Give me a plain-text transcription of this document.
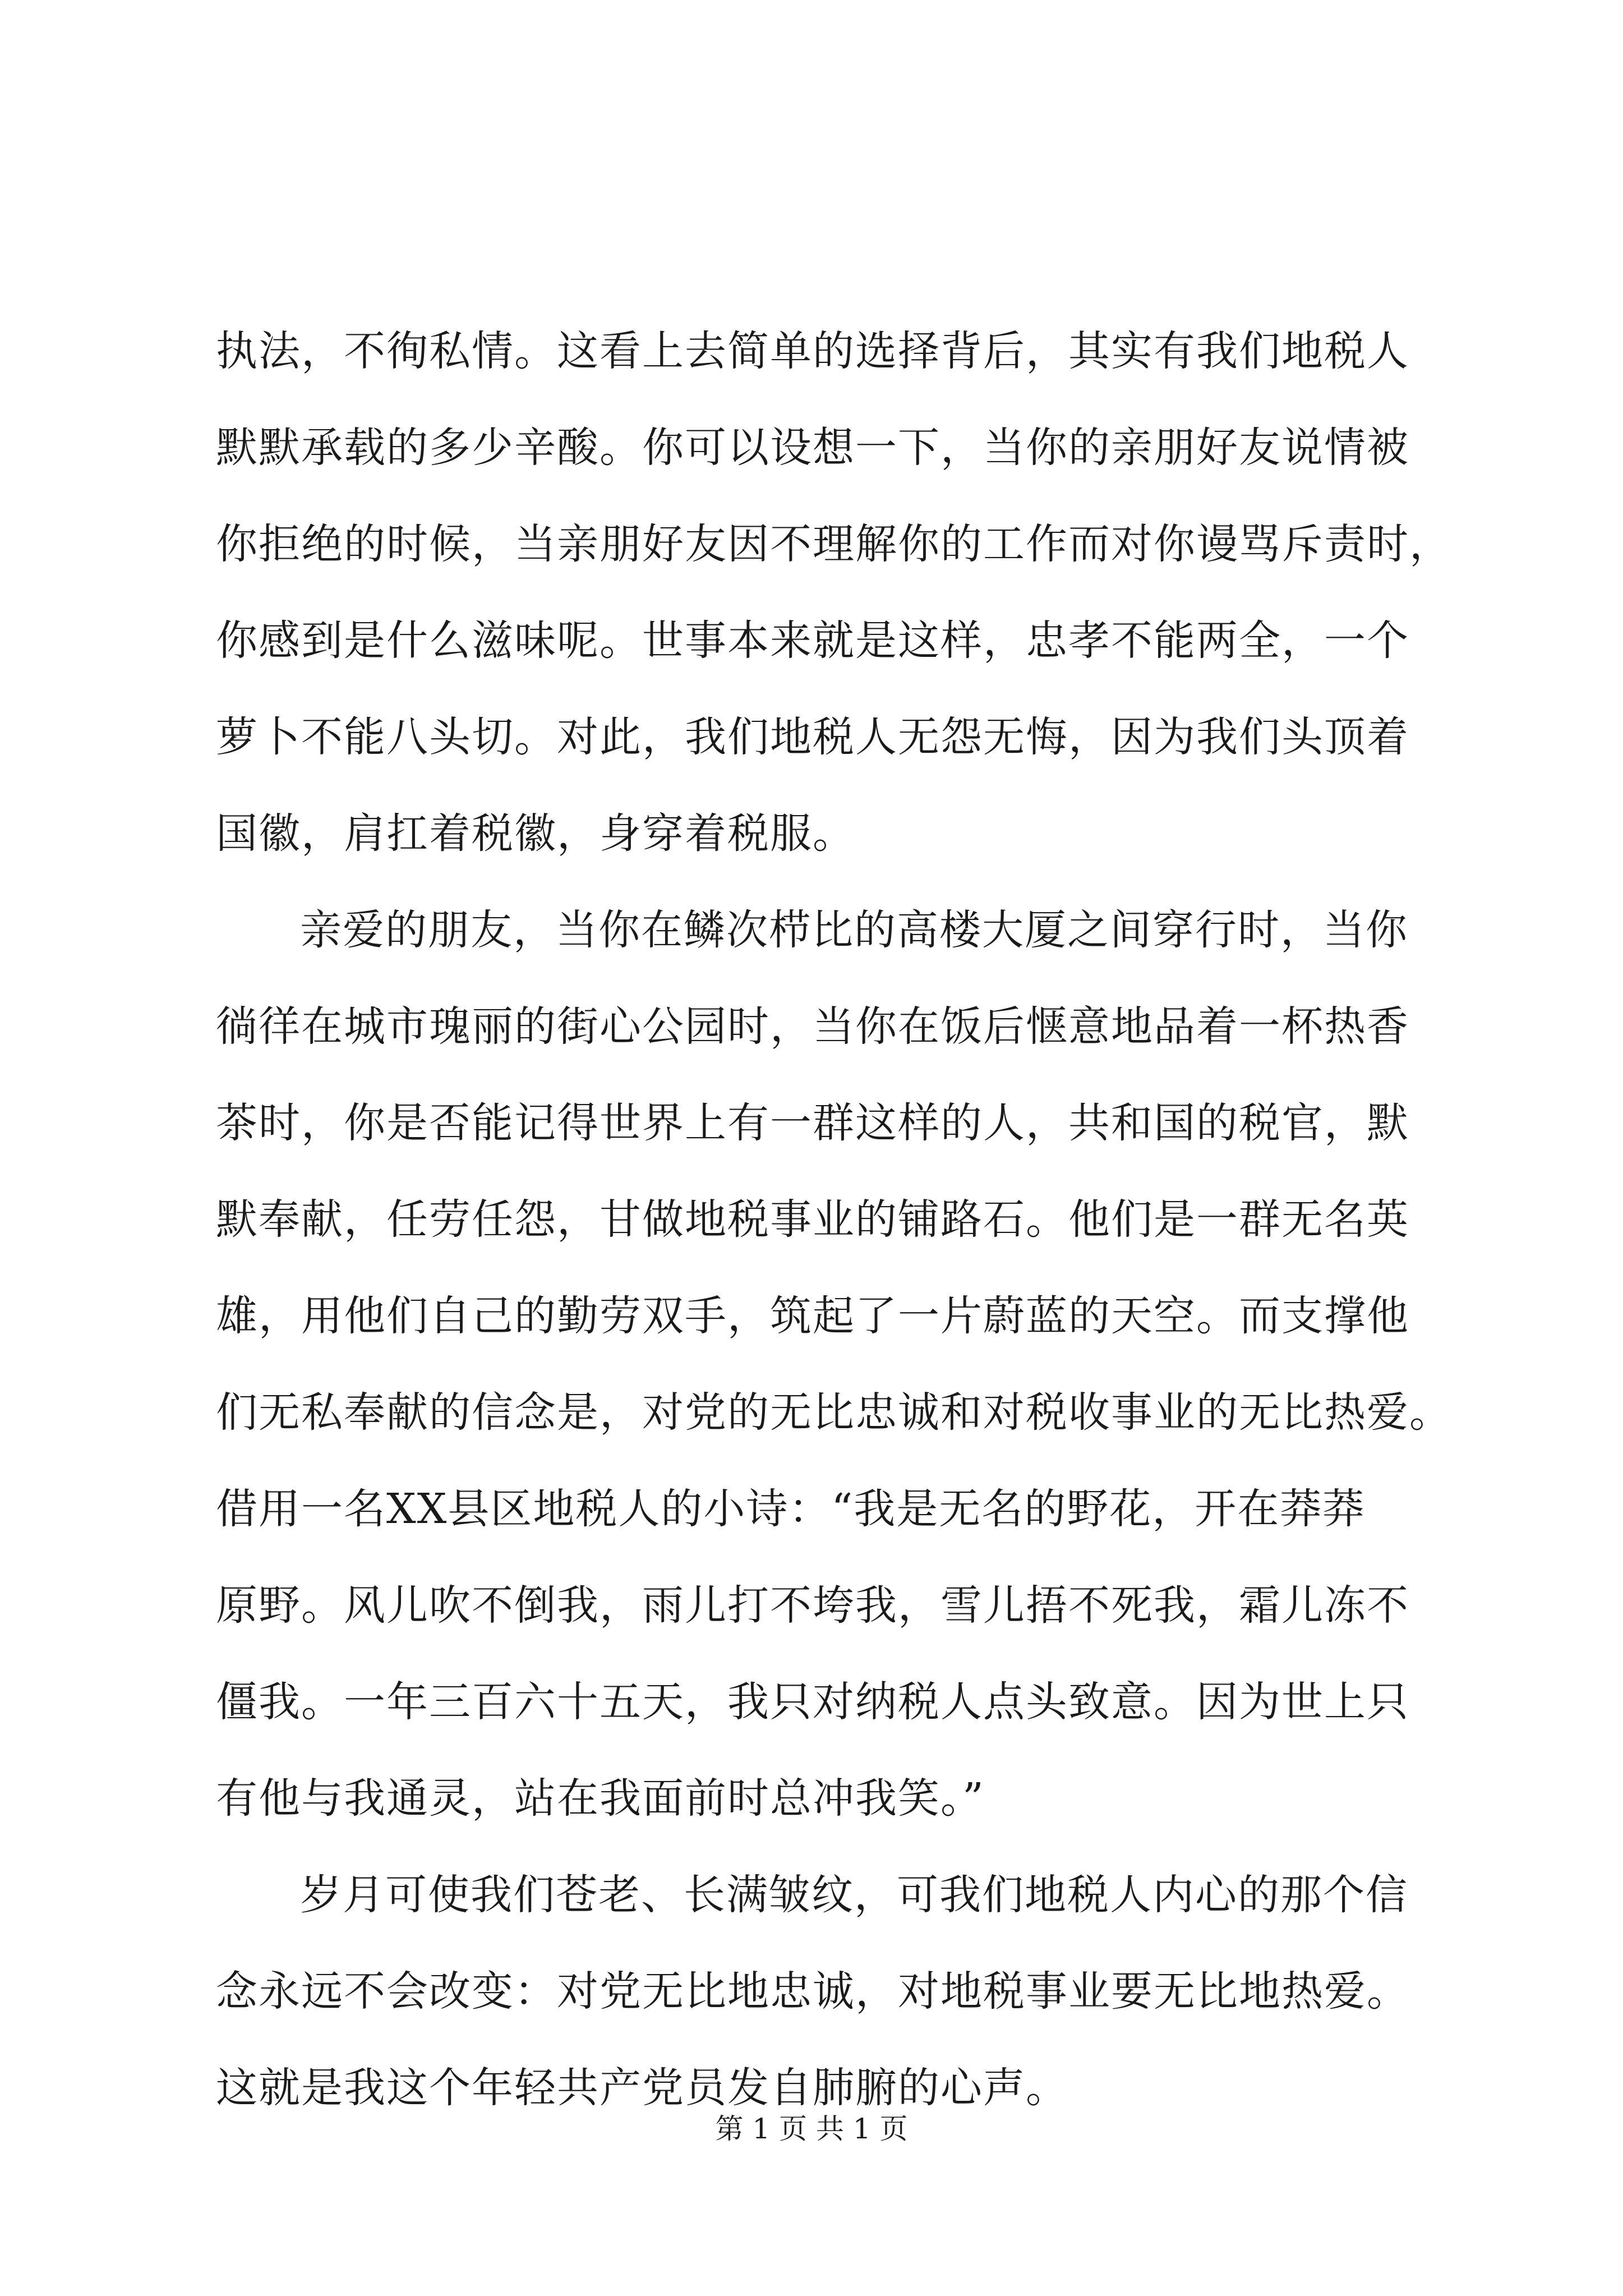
执法，不徇私情。这看上去简单的选择背后，其实有我们地税人
默默承载的多少辛酸。你可以设想一下，当你的亲朋好友说情被
你拒绝的时候，当亲朋好友因不理解你的工作而对你谩骂斥责时，
你感到是什么滋味呢。世事本来就是这样，忠孝不能两全，一个
萝卜不能八头切。对此，我们地税人无怨无悔，因为我们头顶着
国徽，肩扛着税徽，身穿着税服。
亲爱的朋友，当你在鳞次栉比的高楼大厦之间穿行时，当你
徜徉在城市瑰丽的街心公园时，当你在饭后惬意地品着一杯热香
茶时，你是否能记得世界上有一群这样的人，共和国的税官，默
默奉献，任劳任怨，甘做地税事业的铺路石。他们是一群无名英
雄，用他们自己的勤劳双手，筑起了一片蔚蓝的天空。而支撑他
们无私奉献的信念是，对党的无比忠诚和对税收事业的无比热爱。
借用一名XX县区地税人的小诗：“我是无名的野花，开在莽莽
原野。风儿吹不倒我，雨儿打不垮我，雪儿捂不死我，霜儿冻不
僵我。一年三百六十五天，我只对纳税人点头致意。因为世上只
有他与我通灵，站在我面前时总冲我笑。”
岁月可使我们苍老、长满皱纹，可我们地税人内心的那个信
念永远不会改变：对党无比地忠诚，对地税事业要无比地热爱。
这就是我这个年轻共产党员发自肺腑的心声。
第 1 页 共 1 页
